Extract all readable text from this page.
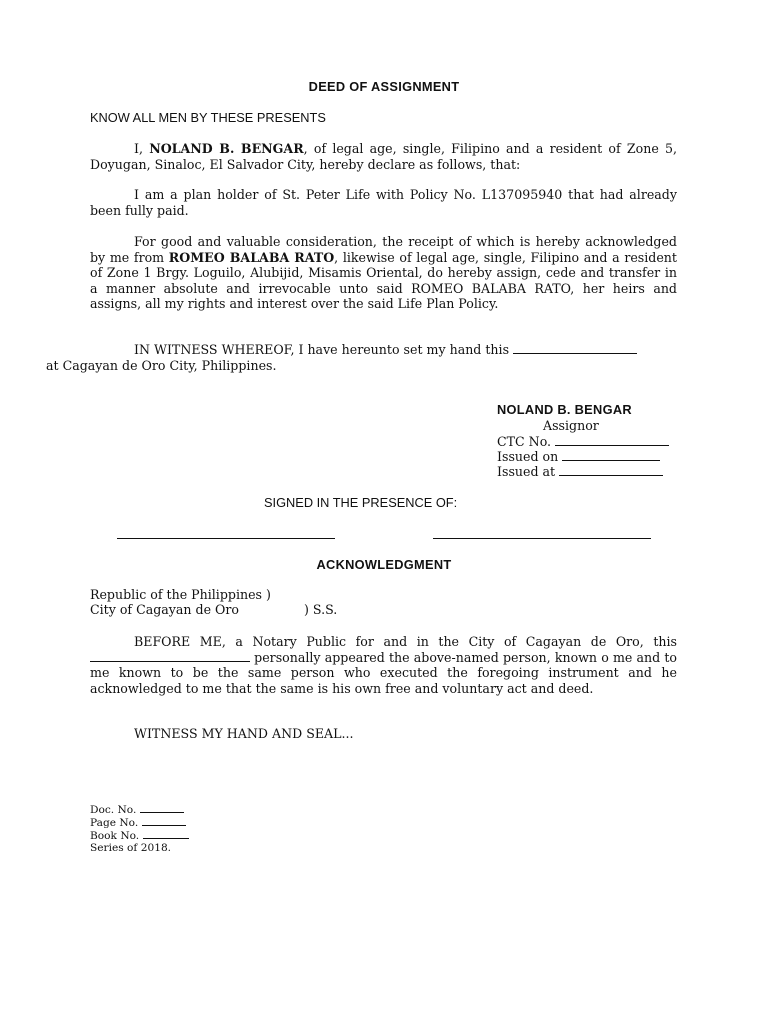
DEED OF ASSIGNMENT
KNOW ALL MEN BY THESE PRESENTS

I, NOLAND B. BENGAR, of legal age, single, Filipino and a resident of Zone 5, Doyugan, Sinaloc, El Salvador City, hereby declare as follows, that:

I am a plan holder of St. Peter Life with Policy No. L137095940 that had already been fully paid.

For good and valuable consideration, the receipt of which is hereby acknowledged by me from ROMEO BALABA RATO, likewise of legal age, single, Filipino and a resident of Zone 1 Brgy. Loguilo, Alubijid, Misamis Oriental, do hereby assign, cede and transfer in a manner absolute and irrevocable unto said ROMEO BALABA RATO, her heirs and assigns, all my rights and interest over the said Life Plan Policy.

IN WITNESS WHEREOF, I have hereunto set my hand this
at Cagayan de Oro City, Philippines.

NOLAND B. BENGAR
Assignor
CTC No.
Issued on
Issued at
SIGNED IN THE PRESENCE OF:
ACKNOWLEDGMENT
Republic of the Philippines )
City of Cagayan de Oro	) S.S.

BEFORE ME, a Notary Public for and in the City of Cagayan de Oro, this  personally appeared the above-named person, known o me and to me known to be the same person who executed the foregoing instrument and he acknowledged to me that the same is his own free and voluntary act and deed.

WITNESS MY HAND AND SEAL...
Doc. No.
Page No.
Book No.
Series of 2018.
